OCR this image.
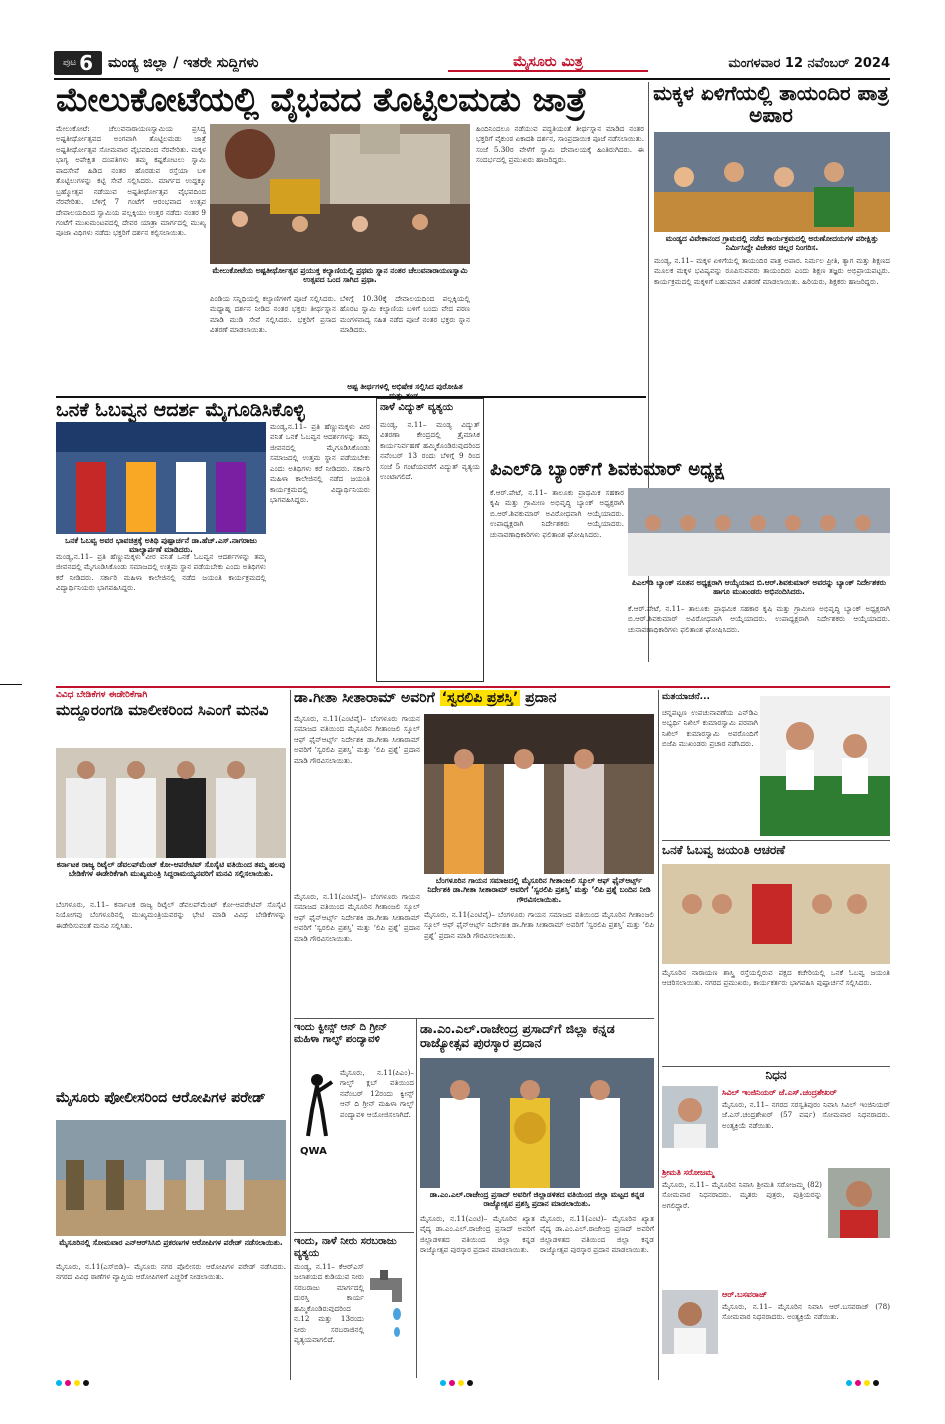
ಪುಟ 6 ಮಂಡ್ಯ ಜಿಲ್ಲಾ / ಇತರೇ ಸುದ್ದಿಗಳು	ಮೈಸೂರು ಮಿತ್ರ	ಮಂಗಳವಾರ 12 ನವೆಂಬರ್ 2024
ಮೇಲುಕೋಟೆಯಲ್ಲಿ ವೈಭವದ ತೊಟ್ಟಿಲಮಡು ಜಾತ್ರೆ	ಮಕ್ಕಳ ಏಳಿಗೆಯಲ್ಲಿ ತಾಯಂದಿರ ಪಾತ್ರ ಅಪಾರ
ಮೇಲುಕೋಟೆ: ಚೆಲುವನಾರಾಯಣಸ್ವಾಮಿಯ ಪ್ರಸಿದ್ಧ ಅಷ್ಟತೀರ್ಥೋತ್ಸವದ ಅಂಗವಾಗಿ ತೊಟ್ಟಿಲಮಡು ಜಾತ್ರೆ ಅಷ್ಟತೀರ್ಥೋತ್ಸವ ಸೋಮವಾರ ವೈಭವದಿಂದ ನೆರವೇರಿತು. ಮಕ್ಕಳ ಭಾಗ್ಯ ಅಪೇಕ್ಷಿತ ದಂಪತಿಗಳು ತಮ್ಮ ಕಷ್ಟಕೋಟಲು ಸ್ವಾಮಿ ಪಾದಸೇವೆ ಹಿಡಿದ ನಂತರ ಹೊರಡುವ ರಸ್ತೆಯಾ ಬಳಿ ತೊಟ್ಟಿಲುಗಳನ್ನು ಕಟ್ಟಿ ಸೇವೆ ಸಲ್ಲಿಸಿದರು. ಮಾರ್ಗದ ಉದ್ದಕ್ಕೂ ಬ್ರಹ್ಮೋತ್ಸವ ನಡೆಯುವ ಅಷ್ಟತೀರ್ಥೋತ್ಸವ ವೈಭವದಿಂದ ನೆರವೇರಿತು. ಬೆಳಿಗ್ಗೆ 7 ಗಂಟೆಗೆ ಆರಂಭವಾದ ಉತ್ಸವ ದೇವಾಲಯದಿಂದ ಸ್ವಾಮಿಯ ಪಲ್ಲಕ್ಕಿಯು ಉತ್ತರ ನಡೆದು ನಂತರ 9 ಗಂಟೆಗೆ ಮುಖಮಂಟಪದಲ್ಲಿ ದೇವರ ಯಾತ್ರಾ ಮಾರ್ಗದಲ್ಲಿ ಮುಖ್ಯ ಪೂಜಾ ವಿಧಿಗಳು ನಡೆದು ಭಕ್ತರಿಗೆ ದರ್ಶನ ಕಲ್ಪಿಸಲಾಯಿತು.
ಮೇಲುಕೋಟೆಯ ಅಷ್ಟತೀರ್ಥೋತ್ಸವ ಪ್ರಯುಕ್ತ ಕಲ್ಯಾಣಿಯಲ್ಲಿ ಪ್ರಥಮ ಸ್ನಾನ ನಂತರ ಚೆಲುವನಾರಾಯಣಸ್ವಾಮಿ ಉತ್ಸವದ ಒಂದ ಸಾಗಿದ ಪ್ರಥಾ.
ಪಿಂಡಿಯ ಸನ್ನಿಧಿಯಲ್ಲಿ ಕಲ್ಯಾಣಿಗಳಿಗೆ ಪೂಜೆ ಸಲ್ಲಿಸಿದರು. ಮಧ್ಯಾಹ್ನ ದರ್ಶನ ನೀಡಿದ ನಂತರ ಭಕ್ತರು ತೀರ್ಥಸ್ನಾನ ಮಾಡಿ ಮುಡಿ ಸೇವೆ ಸಲ್ಲಿಸಿದರು. ಭಕ್ತರಿಗೆ ಪ್ರಸಾದ ವಿತರಣೆ ಮಾಡಲಾಯಿತು.
ಬೆಳಿಗ್ಗೆ 10.30ಕ್ಕೆ ದೇವಾಲಯದಿಂದ ಪಲ್ಲಕ್ಕಿಯಲ್ಲಿ ಹೊರಟ ಸ್ವಾಮಿ ಕಲ್ಯಾಣಿಯ ಬಳಿಗೆ ಬಂದು ವೇದ ಪಠಣ ಮಂಗಳವಾದ್ಯ ಸಹಿತ ನಡೆದ ಪೂಜೆ ನಂತರ ಭಕ್ತರು ಸ್ನಾನ ಮಾಡಿದರು.
ಹಿಂದಿನಿಂದಲೂ ನಡೆಯುವ ಪದ್ಧತಿಯಂತೆ ತೀರ್ಥಸ್ನಾನ ಮಾಡಿದ ನಂತರ ಭಕ್ತರಿಗೆ ವೈಕುಂಠ ಏಕಾದಶಿ ದರ್ಶನ, ಸಾಂಪ್ರದಾಯಿಕ ಪೂಜೆ ನಡೆಸಲಾಯಿತು. ಸಂಜೆ 5.30ರ ವೇಳೆಗೆ ಸ್ವಾಮಿ ದೇವಾಲಯಕ್ಕೆ ಹಿಂತಿರುಗಿದರು. ಈ ಸಂದರ್ಭದಲ್ಲಿ ಪ್ರಮುಖರು ಹಾಜರಿದ್ದರು.
ಅಷ್ಟ ತೀರ್ಥಗಳಲ್ಲಿ ಅಭಿಷೇಕ ಸಲ್ಲಿಸಿದ ಪುರೋಹಿತ
ಮಂಡ್ಯದ ವಿವೇಕಾನಂದ ಗ್ರಾಮದಲ್ಲಿ ನಡೆದ ಕಾರ್ಯಕ್ರಮದಲ್ಲಿ ಅರುಣೋದಯಗಳ ಪರೀಕ್ಷಿತ್ತು ನಿರ್ಮಿಸಿದ್ದೇ ವಿಜೇತರ ಚಿಲ್ಲರ ನಿಂಗರಿಸ.
ಮಂಡ್ಯ, ನ.11– ಮಕ್ಕಳ ಏಳಿಗೆಯಲ್ಲಿ ತಾಯಂದಿರ ಪಾತ್ರ ಅಪಾರ. ನಿರ್ಮಲ ಪ್ರೀತಿ, ತ್ಯಾಗ ಮತ್ತು ಶಿಕ್ಷಣದ ಮೂಲಕ ಮಕ್ಕಳ ಭವಿಷ್ಯವನ್ನು ರೂಪಿಸುವವರು ತಾಯಂದಿರು ಎಂದು ಶಿಕ್ಷಣ ತಜ್ಞರು ಅಭಿಪ್ರಾಯಪಟ್ಟರು. ಕಾರ್ಯಕ್ರಮದಲ್ಲಿ ಮಕ್ಕಳಿಗೆ ಬಹುಮಾನ ವಿತರಣೆ ಮಾಡಲಾಯಿತು. ಹಿರಿಯರು, ಶಿಕ್ಷಕರು ಹಾಜರಿದ್ದರು.
ಒನಕೆ ಓಬವ್ವನ ಆದರ್ಶ ಮೈಗೂಡಿಸಿಕೊಳ್ಳಿ
ಒನಕೆ ಓಬವ್ವ ಅವರ ಭಾವಚಿತ್ರಕ್ಕೆ ಅತಿಥಿ ಪುಷ್ಪಾರ್ಚನೆ ಡಾ.ಹೆಚ್.ಎಸ್.ನಾಗರಾಜು ಮಾಲ್ಯಾರ್ಪಣೆ ಮಾಡಿದರು.
ಮಂಡ್ಯ,ನ.11– ಪ್ರತಿ ಹೆಣ್ಣುಮಕ್ಕಳು ವೀರ ವನಿತೆ ಒನಕೆ ಓಬವ್ವನ ಆದರ್ಶಗಳನ್ನು ತಮ್ಮ ಜೀವನದಲ್ಲಿ ಮೈಗೂಡಿಸಿಕೊಂಡು ಸಮಾಜದಲ್ಲಿ ಉತ್ತಮ ಸ್ಥಾನ ಪಡೆಯಬೇಕು ಎಂದು ಅತಿಥಿಗಳು ಕರೆ ನೀಡಿದರು. ಸರ್ಕಾರಿ ಮಹಿಳಾ ಕಾಲೇಜಿನಲ್ಲಿ ನಡೆದ ಜಯಂತಿ ಕಾರ್ಯಕ್ರಮದಲ್ಲಿ ವಿದ್ಯಾರ್ಥಿನಿಯರು ಭಾಗವಹಿಸಿದ್ದರು.
ಮಂಡ್ಯ,ನ.11– ಪ್ರತಿ ಹೆಣ್ಣುಮಕ್ಕಳು ವೀರ ವನಿತೆ ಒನಕೆ ಓಬವ್ವನ ಆದರ್ಶಗಳನ್ನು ತಮ್ಮ ಜೀವನದಲ್ಲಿ ಮೈಗೂಡಿಸಿಕೊಂಡು ಸಮಾಜದಲ್ಲಿ ಉತ್ತಮ ಸ್ಥಾನ ಪಡೆಯಬೇಕು ಎಂದು ಅತಿಥಿಗಳು ಕರೆ ನೀಡಿದರು. ಸರ್ಕಾರಿ ಮಹಿಳಾ ಕಾಲೇಜಿನಲ್ಲಿ ನಡೆದ ಜಯಂತಿ ಕಾರ್ಯಕ್ರಮದಲ್ಲಿ ವಿದ್ಯಾರ್ಥಿನಿಯರು ಭಾಗವಹಿಸಿದ್ದರು.
ನಾಳೆ ವಿದ್ಯುತ್ ವ್ಯತ್ಯಯ
ಮಂಡ್ಯ, ನ.11– ಮಂಡ್ಯ ವಿದ್ಯುತ್ ವಿತರಣಾ ಕೇಂದ್ರದಲ್ಲಿ ತ್ರೈಮಾಸಿಕ ಕಾರ್ಯನಿರ್ವಹಣೆ ಹಮ್ಮಿಕೊಂಡಿರುವುದರಿಂದ ನವೆಂಬರ್ 13 ರಂದು ಬೆಳಿಗ್ಗೆ 9 ರಿಂದ ಸಂಜೆ 5 ಗಂಟೆಯವರೆಗೆ ವಿದ್ಯುತ್ ವ್ಯತ್ಯಯ ಉಂಟಾಗಲಿದೆ.	ಪಿಎಲ್‌ಡಿ ಬ್ಯಾಂಕ್‌ಗೆ ಶಿವಕುಮಾರ್ ಅಧ್ಯಕ್ಷ
ಕೆ.ಆರ್.ಪೇಟೆ, ನ.11– ತಾಲೂಕು ಪ್ರಾಥಮಿಕ ಸಹಕಾರ ಕೃಷಿ ಮತ್ತು ಗ್ರಾಮೀಣ ಅಭಿವೃದ್ಧಿ ಬ್ಯಾಂಕ್ ಅಧ್ಯಕ್ಷರಾಗಿ ಬಿ.ಆರ್.ಶಿವಕುಮಾರ್ ಅವಿರೋಧವಾಗಿ ಆಯ್ಕೆಯಾದರು. ಉಪಾಧ್ಯಕ್ಷರಾಗಿ ನಿರ್ದೇಶಕರು ಆಯ್ಕೆಯಾದರು. ಚುನಾವಣಾಧಿಕಾರಿಗಳು ಫಲಿತಾಂಶ ಘೋಷಿಸಿದರು.
ಪಿಎಲ್‌ಡಿ ಬ್ಯಾಂಕ್ ನೂತನ ಅಧ್ಯಕ್ಷರಾಗಿ ಆಯ್ಕೆಯಾದ ಬಿ.ಆರ್.ಶಿವಕುಮಾರ್ ಅವರನ್ನು ಬ್ಯಾಂಕ್ ನಿರ್ದೇಶಕರು ಹಾಗೂ ಮುಖಂಡರು ಅಭಿನಂದಿಸಿದರು.
ಕೆ.ಆರ್.ಪೇಟೆ, ನ.11– ತಾಲೂಕು ಪ್ರಾಥಮಿಕ ಸಹಕಾರ ಕೃಷಿ ಮತ್ತು ಗ್ರಾಮೀಣ ಅಭಿವೃದ್ಧಿ ಬ್ಯಾಂಕ್ ಅಧ್ಯಕ್ಷರಾಗಿ ಬಿ.ಆರ್.ಶಿವಕುಮಾರ್ ಅವಿರೋಧವಾಗಿ ಆಯ್ಕೆಯಾದರು. ಉಪಾಧ್ಯಕ್ಷರಾಗಿ ನಿರ್ದೇಶಕರು ಆಯ್ಕೆಯಾದರು. ಚುನಾವಣಾಧಿಕಾರಿಗಳು ಫಲಿತಾಂಶ ಘೋಷಿಸಿದರು.
ವಿವಿಧ ಬೇಡಿಕೆಗಳ ಈಡೇರಿಕೆಗಾಗಿ
ಮದ್ದೂರಂಗಡಿ ಮಾಲೀಕರಿಂದ ಸಿಎಂಗೆ ಮನವಿ
ಕರ್ನಾಟಕ ರಾಜ್ಯ ರಿಟೈಲ್ ಡೆವಲಪ್‌ಮೆಂಟ್ ಕೋ-ಆಪರೇಟಿವ್ ಸೊಸೈಟಿ ವತಿಯಿಂದ ತಮ್ಮ ಹಲವು ಬೇಡಿಕೆಗಳ ಈಡೇರಿಕೆಗಾಗಿ ಮುಖ್ಯಮಂತ್ರಿ ಸಿದ್ದರಾಮಯ್ಯನವರಿಗೆ ಮನವಿ ಸಲ್ಲಿಸಲಾಯಿತು.
ಬೆಂಗಳೂರು, ನ.11– ಕರ್ನಾಟಕ ರಾಜ್ಯ ರಿಟೈಲ್ ಡೆವಲಪ್‌ಮೆಂಟ್ ಕೋ-ಆಪರೇಟಿವ್ ಸೊಸೈಟಿ ನಿಯೋಗವು ಬೆಂಗಳೂರಿನಲ್ಲಿ ಮುಖ್ಯಮಂತ್ರಿಯವರನ್ನು ಭೇಟಿ ಮಾಡಿ ವಿವಿಧ ಬೇಡಿಕೆಗಳನ್ನು ಈಡೇರಿಸುವಂತೆ ಮನವಿ ಸಲ್ಲಿಸಿತು.
ಮೈಸೂರು ಪೋಲೀಸರಿಂದ ಆರೋಪಿಗಳ ಪರೇಡ್
ಮೈಸೂರಿನಲ್ಲಿ ಸೋಮವಾರ ಎನ್‌ಆರ್‌ಸಿಸಿಬಿ ಪ್ರಕರಣಗಳ ಆರೋಪಿಗಳ ಪರೇಡ್ ನಡೆಸಲಾಯಿತು.
ಮೈಸೂರು, ನ.11(ಎಸ್‌ಬಿಡಿ)– ಮೈಸೂರು ನಗರ ಪೊಲೀಸರು ಆರೋಪಿಗಳ ಪರೇಡ್ ನಡೆಸಿದರು. ನಗರದ ವಿವಿಧ ಠಾಣೆಗಳ ವ್ಯಾಪ್ತಿಯ ಆರೋಪಿಗಳಿಗೆ ಎಚ್ಚರಿಕೆ ನೀಡಲಾಯಿತು.
ಡಾ.ಗೀತಾ ಸೀತಾರಾಮ್ ಅವರಿಗೆ ‘ಸ್ವರಲಿಪಿ ಪ್ರಶಸ್ತಿ’ ಪ್ರದಾನ
ಮೈಸೂರು, ನ.11(ಎಂಟಿವೈ)– ಬೆಂಗಳೂರು ಗಾಯನ ಸಮಾಜದ ವತಿಯಿಂದ ಮೈಸೂರಿನ ಗೀತಾಂಜಲಿ ಸ್ಕೂಲ್ ಆಫ್ ಫೈನ್‌ಆರ್ಟ್ಸ್ ನಿರ್ದೇಶಕಿ ಡಾ.ಗೀತಾ ಸೀತಾರಾಮ್ ಅವರಿಗೆ ‘ಸ್ವರಲಿಪಿ ಪ್ರಶಸ್ತಿ’ ಮತ್ತು ‘ಲಿಪಿ ಪ್ರಶ್ನೆ’ ಪ್ರದಾನ ಮಾಡಿ ಗೌರವಿಸಲಾಯಿತು.
ಬೆಂಗಳೂರಿನ ಗಾಯನ ಸಮಾಜದಲ್ಲಿ ಮೈಸೂರಿನ ಗೀತಾಂಜಲಿ ಸ್ಕೂಲ್ ಆಫ್ ಫೈನ್‌ಆರ್ಟ್ಸ್ ನಿರ್ದೇಶಕಿ ಡಾ.ಗೀತಾ ಸೀತಾರಾಮ್ ಅವರಿಗೆ ‘ಸ್ವರಲಿಪಿ ಪ್ರಶಸ್ತಿ’ ಮತ್ತು ‘ಲಿಪಿ ಪ್ರಶ್ನೆ ಬಂದಿನ ನೀಡಿ ಗೌರವಿಸಲಾಯಿತು.
ಮೈಸೂರು, ನ.11(ಎಂಟಿವೈ)– ಬೆಂಗಳೂರು ಗಾಯನ ಸಮಾಜದ ವತಿಯಿಂದ ಮೈಸೂರಿನ ಗೀತಾಂಜಲಿ ಸ್ಕೂಲ್ ಆಫ್ ಫೈನ್‌ಆರ್ಟ್ಸ್ ನಿರ್ದೇಶಕಿ ಡಾ.ಗೀತಾ ಸೀತಾರಾಮ್ ಅವರಿಗೆ ‘ಸ್ವರಲಿಪಿ ಪ್ರಶಸ್ತಿ’ ಮತ್ತು ‘ಲಿಪಿ ಪ್ರಶ್ನೆ’ ಪ್ರದಾನ ಮಾಡಿ ಗೌರವಿಸಲಾಯಿತು.
ಮೈಸೂರು, ನ.11(ಎಂಟಿವೈ)– ಬೆಂಗಳೂರು ಗಾಯನ ಸಮಾಜದ ವತಿಯಿಂದ ಮೈಸೂರಿನ ಗೀತಾಂಜಲಿ ಸ್ಕೂಲ್ ಆಫ್ ಫೈನ್‌ಆರ್ಟ್ಸ್ ನಿರ್ದೇಶಕಿ ಡಾ.ಗೀತಾ ಸೀತಾರಾಮ್ ಅವರಿಗೆ ‘ಸ್ವರಲಿಪಿ ಪ್ರಶಸ್ತಿ’ ಮತ್ತು ‘ಲಿಪಿ ಪ್ರಶ್ನೆ’ ಪ್ರದಾನ ಮಾಡಿ ಗೌರವಿಸಲಾಯಿತು.
ಇಂದು ಕ್ವೀನ್ಸ್ ಆನ್ ದಿ ಗ್ರೀನ್ ಮಹಿಳಾ ಗಾಲ್ಫ್ ಪಂದ್ಯಾವಳಿ
QWA
ಮೈಸೂರು, ನ.11(ಪಿಎಂ)– ಗಾಲ್ಫ್ ಕ್ಲಬ್ ವತಿಯಿಂದ ನವೆಂಬರ್ 12ರಂದು ಕ್ವೀನ್ಸ್ ಆನ್ ದಿ ಗ್ರೀನ್ ಮಹಿಳಾ ಗಾಲ್ಫ್ ಪಂದ್ಯಾವಳಿ ಆಯೋಜಿಸಲಾಗಿದೆ.
ಇಂದು, ನಾಳೆ ನೀರು ಸರಬರಾಜು ವ್ಯತ್ಯಯ
ಮಂಡ್ಯ, ನ.11– ಕೆಆರ್‌ಎಸ್ ಜಲಾಶಯದ ಕುಡಿಯುವ ನೀರು ಸರಬರಾಜು ಮಾರ್ಗದಲ್ಲಿ ದುರಸ್ತಿ ಕಾರ್ಯ ಹಮ್ಮಿಕೊಂಡಿರುವುದರಿಂದ ನ.12 ಮತ್ತು 13ರಂದು ನೀರು ಸರಬರಾಜಿನಲ್ಲಿ ವ್ಯತ್ಯಯವಾಗಲಿದೆ.
ಡಾ.ಎಂ.ಎಲ್.ರಾಜೇಂದ್ರ ಪ್ರಸಾದ್‌ಗೆ ಜಿಲ್ಲಾ ಕನ್ನಡ ರಾಜ್ಯೋತ್ಸವ ಪುರಸ್ಕಾರ ಪ್ರದಾನ
ಡಾ.ಎಂ.ಎಲ್.ರಾಜೇಂದ್ರ ಪ್ರಸಾದ್ ಅವರಿಗೆ ಜಿಲ್ಲಾಡಳಿತದ ವತಿಯಿಂದ ಜಿಲ್ಲಾ ಮಟ್ಟದ ಕನ್ನಡ ರಾಜ್ಯೋತ್ಸವ ಪ್ರಶಸ್ತಿ ಪ್ರದಾನ ಮಾಡಲಾಯಿತು.
ಮೈಸೂರು, ನ.11(ಎಂಟಿ)– ಮೈಸೂರಿನ ಖ್ಯಾತ ವೈದ್ಯ ಡಾ.ಎಂ.ಎಲ್.ರಾಜೇಂದ್ರ ಪ್ರಸಾದ್ ಅವರಿಗೆ ಜಿಲ್ಲಾಡಳಿತದ ವತಿಯಿಂದ ಜಿಲ್ಲಾ ಕನ್ನಡ ರಾಜ್ಯೋತ್ಸವ ಪುರಸ್ಕಾರ ಪ್ರದಾನ ಮಾಡಲಾಯಿತು.
ಮೈಸೂರು, ನ.11(ಎಂಟಿ)– ಮೈಸೂರಿನ ಖ್ಯಾತ ವೈದ್ಯ ಡಾ.ಎಂ.ಎಲ್.ರಾಜೇಂದ್ರ ಪ್ರಸಾದ್ ಅವರಿಗೆ ಜಿಲ್ಲಾಡಳಿತದ ವತಿಯಿಂದ ಜಿಲ್ಲಾ ಕನ್ನಡ ರಾಜ್ಯೋತ್ಸವ ಪುರಸ್ಕಾರ ಪ್ರದಾನ ಮಾಡಲಾಯಿತು.
ಮತಯಾಚನೆ...
ಚನ್ನಪಟ್ಟಣ ಉಪಚುನಾವಣೆಯ ಎನ್‌ಡಿಎ ಅಭ್ಯರ್ಥಿ ನಿಖಿಲ್ ಕುಮಾರಸ್ವಾಮಿ ಪರವಾಗಿ ನಿಖಿಲ್ ಕುಮಾರಸ್ವಾಮಿ ಅವರೊಂದಿಗೆ ಬಿಜೆಪಿ ಮುಖಂಡರು ಪ್ರಚಾರ ನಡೆಸಿದರು.
ಒನಕೆ ಓಬವ್ವ ಜಯಂತಿ ಆಚರಣೆ
ಮೈಸೂರಿನ ನಾರಾಯಣ ಶಾಸ್ತ್ರಿ ರಸ್ತೆಯಲ್ಲಿರುವ ಪಕ್ಷದ ಕಚೇರಿಯಲ್ಲಿ ಒನಕೆ ಓಬವ್ವ ಜಯಂತಿ ಆಚರಿಸಲಾಯಿತು. ನಗರದ ಪ್ರಮುಖರು, ಕಾರ್ಯಕರ್ತರು ಭಾಗವಹಿಸಿ ಪುಷ್ಪಾರ್ಚನೆ ಸಲ್ಲಿಸಿದರು.
ನಿಧನ
ಸಿವಿಲ್ ಇಂಜಿನಿಯರ್ ಜೆ.ಎಸ್.ಚಂದ್ರಶೇಖರ್
ಮೈಸೂರು, ನ.11– ನಗರದ ಸರಸ್ವತಿಪುರಂ ನಿವಾಸಿ ಸಿವಿಲ್ ಇಂಜಿನಿಯರ್ ಜೆ.ಎಸ್.ಚಂದ್ರಶೇಖರ್ (57 ವರ್ಷ) ಸೋಮವಾರ ನಿಧನರಾದರು. ಅಂತ್ಯಕ್ರಿಯೆ ನಡೆಯಿತು.
ಶ್ರೀಮತಿ ಸರೋಜಮ್ಮ
ಮೈಸೂರು, ನ.11– ಮೈಸೂರಿನ ನಿವಾಸಿ ಶ್ರೀಮತಿ ಸರೋಜಮ್ಮ (82) ಸೋಮವಾರ ನಿಧನರಾದರು. ಮೃತರು ಪುತ್ರರು, ಪುತ್ರಿಯರನ್ನು ಅಗಲಿದ್ದಾರೆ.
ಆರ್.ಬಸವರಾಜ್
ಮೈಸೂರು, ನ.11– ಮೈಸೂರಿನ ನಿವಾಸಿ ಆರ್.ಬಸವರಾಜ್ (78) ಸೋಮವಾರ ನಿಧನರಾದರು. ಅಂತ್ಯಕ್ರಿಯೆ ನಡೆಯಿತು.
